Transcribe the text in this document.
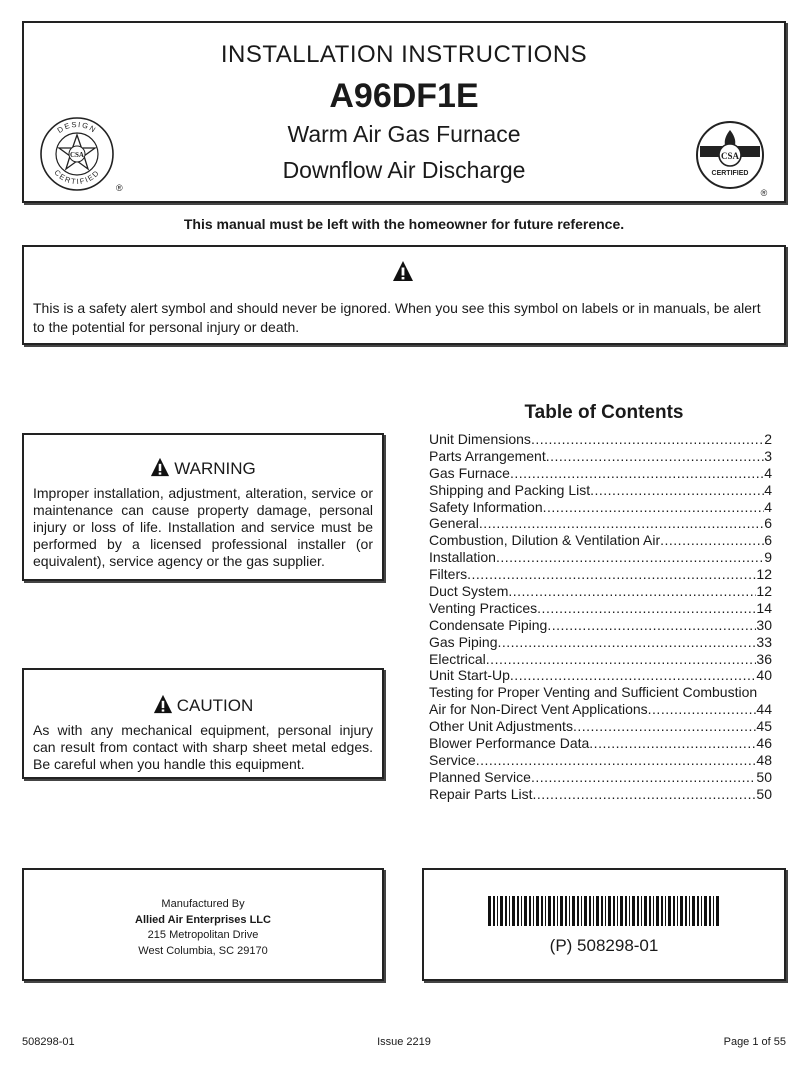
INSTALLATION INSTRUCTIONS
A96DF1E
Warm Air Gas Furnace
Downflow Air Discharge
CSA
DESIGN
CERTIFIED
®
CSA
CERTIFIED
®
This manual must be left with the homeowner for future reference.
This is a safety alert symbol and should never be ignored. When you see this symbol on labels or in manuals, be alert to the potential for personal injury or death.
WARNING
Improper installation, adjustment, alteration, service or maintenance can cause property damage, personal injury or loss of life. Installation and service must be performed by a licensed professional installer (or equivalent), service agency or the gas supplier.
CAUTION
As with any mechanical equipment, personal injury can result from contact with sharp sheet metal edges. Be careful when you handle this equipment.
Table of Contents
Unit Dimensions .....	2
Parts Arrangement .....	3
Gas Furnace .....	4
Shipping and Packing List .....	4
Safety Information .....	4
General .....	6
Combustion, Dilution & Ventilation Air .....	6
Installation .....	9
Filters .....	12
Duct System .....	12
Venting Practices .....	14
Condensate Piping .....	30
Gas Piping .....	33
Electrical .....	36
Unit Start-Up .....	40
Testing for Proper Venting and Sufficient Combustion
Air for Non-Direct Vent Applications .....	44
Other Unit Adjustments .....	45
Blower Performance Data .....	46
Service .....	48
Planned Service .....	50
Repair Parts List .....	50
Manufactured By
Allied Air Enterprises LLC
215 Metropolitan Drive
West Columbia, SC 29170	(P) 508298-01
508298-01	Issue 2219	Page 1 of 55
